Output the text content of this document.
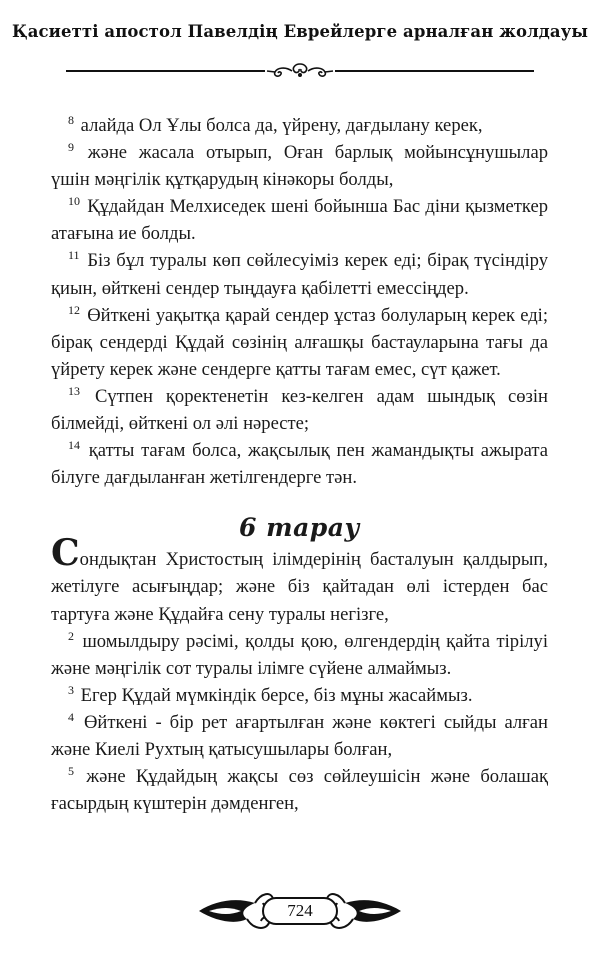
Қасиетті апостол Павелдің Еврейлерге арналған жолдауы

$^8$ алайда Ол Ұлы болса да, үйрену, дағдылану керек,

$^9$ және жасала отырып, Оған барлық мойынсұнушылар үшін мәңгілік құтқарудың кінәкоры болды,

$^{10}$ Құдайдан Мелхиседек шені бойынша Бас діни қызметкер атағына ие болды.

$^{11}$ Біз бұл туралы көп сөйлесуіміз керек еді; бірақ түсіндіру қиын, өйткені сендер тыңдауға қабілетті емессіңдер.

$^{12}$ Өйткені уақытқа қарай сендер ұстаз болуларың керек еді; бірақ сендерді Құдай сөзінің алғашқы бастауларына тағы да үйрету керек және сендерге қатты тағам емес, сүт қажет.

$^{13}$ Сүтпен қоректенетін кез-келген адам шындық сөзін білмейді, өйткені ол әлі нәресте;

$^{14}$ қатты тағам болса, жақсылық пен жамандықты ажырата білуге дағдыланған жетілгендерге тән.

6 тарау

Сондықтан Христостың ілімдерінің басталуын қалдырып, жетілуге асығыңдар; және біз қайтадан өлі істерден бас тартуға және Құдайға сену туралы негізге,

$^2$ шомылдыру рәсімі, қолды қою, өлгендердің қайта тірілуі және мәңгілік сот туралы ілімге сүйене алмаймыз.

$^3$ Егер Құдай мүмкіндік берсе, біз мұны жасаймыз.

$^4$ Өйткені - бір рет ағартылған және көктегі сыйды алған және Киелі Рухтың қатысушылары болған,

$^5$ және Құдайдың жақсы сөз сөйлеушісін және болашақ ғасырдың күштерін дәмденген,

724
